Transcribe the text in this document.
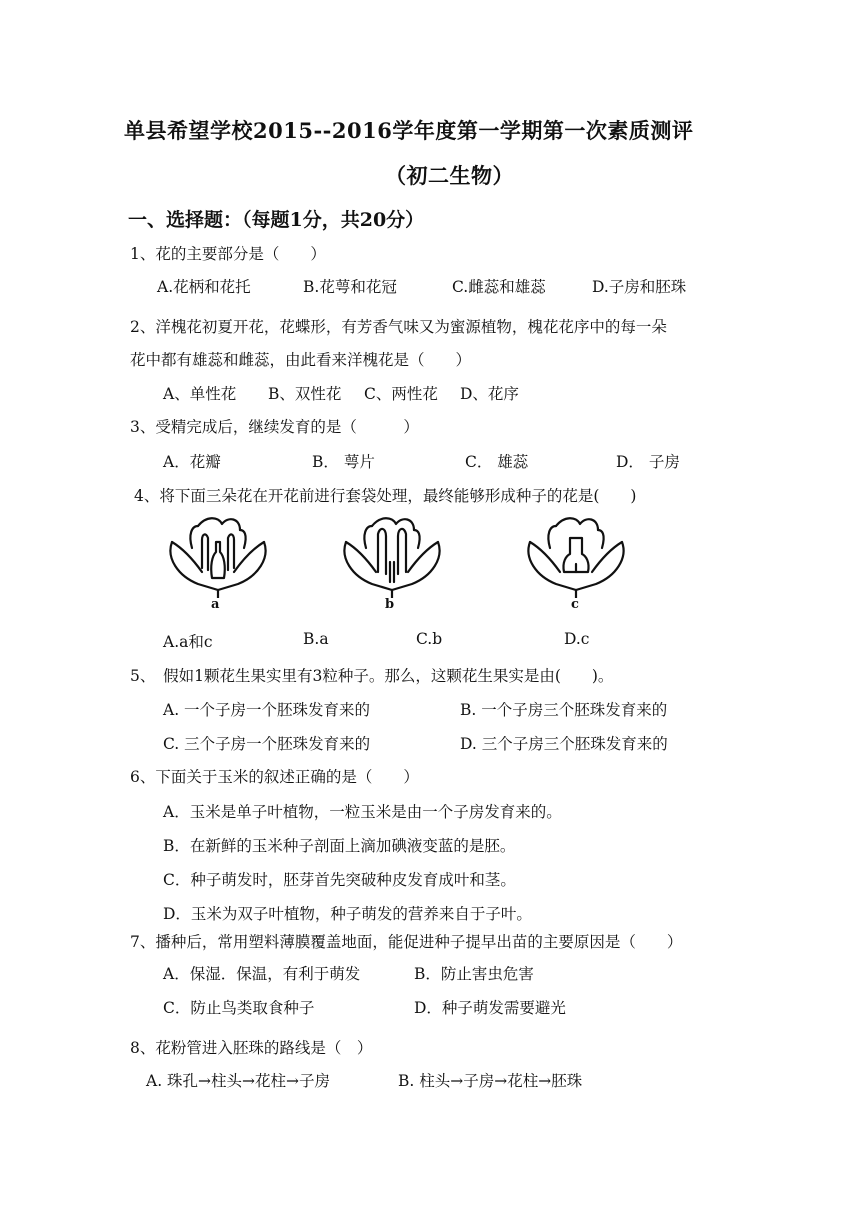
单县希望学校2015--2016学年度第一学期第一次素质测评
（初二生物）
一、选择题：（每题1分，共20分）
1、花的主要部分是（　　）
A.花柄和花托	B.花萼和花冠	C.雌蕊和雄蕊	D.子房和胚珠
2、洋槐花初夏开花，花蝶形，有芳香气味又为蜜源植物，槐花花序中的每一朵
花中都有雄蕊和雌蕊，由此看来洋槐花是（　　）
A、单性花 B、双性花 C、两性花 D、花序
3、受精完成后，继续发育的是（　　　）
A．花瓣	B． 萼片	C． 雄蕊	D． 子房
4、将下面三朵花在开花前进行套袋处理，最终能够形成种子的花是(　　)
a	b	c
A.a和c	B.a	C.b	D.c
5、　假如1颗花生果实里有3粒种子。那么，这颗花生果实是由(　　)。
A. 一个子房一个胚珠发育来的	B. 一个子房三个胚珠发育来的
C. 三个子房一个胚珠发育来的	D. 三个子房三个胚珠发育来的
6、下面关于玉米的叙述正确的是（　　）
A．玉米是单子叶植物，一粒玉米是由一个子房发育来的。
B．在新鲜的玉米种子剖面上滴加碘液变蓝的是胚。
C．种子萌发时，胚芽首先突破种皮发育成叶和茎。
D．玉米为双子叶植物，种子萌发的营养来自于子叶。
7、播种后，常用塑料薄膜覆盖地面，能促进种子提早出苗的主要原因是（　　）
A．保湿．保温，有利于萌发	B．防止害虫危害
C．防止鸟类取食种子	D．种子萌发需要避光
8、花粉管进入胚珠的路线是（　）
A. 珠孔→柱头→花柱→子房	B. 柱头→子房→花柱→胚珠
